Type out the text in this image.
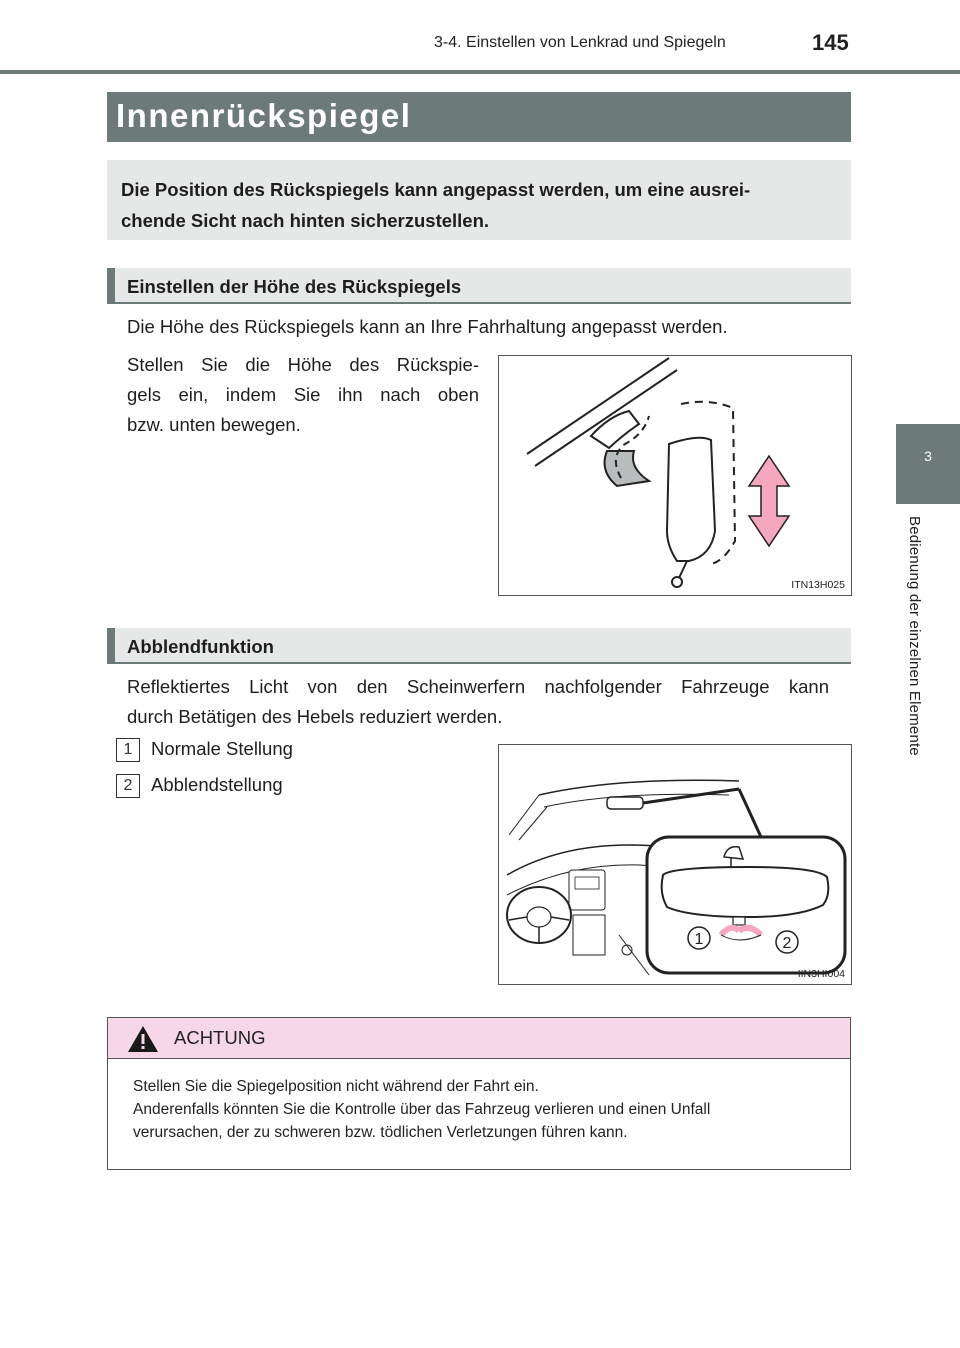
3-4. Einstellen von Lenkrad und Spiegeln	145
3
Bedienung der einzelnen Elemente
Innenrückspiegel
Die Position des Rückspiegels kann angepasst werden, um eine ausrei-
chende Sicht nach hinten sicherzustellen.
Einstellen der Höhe des Rückspiegels
Die Höhe des Rückspiegels kann an Ihre Fahrhaltung angepasst werden.
Stellen Sie die Höhe des Rückspie-
gels ein, indem Sie ihn nach oben
bzw. unten bewegen.
ITN13H025
Abblendfunktion
Reflektiertes Licht von den Scheinwerfern nachfolgender Fahrzeuge kann
durch Betätigen des Hebels reduziert werden.
1	Normale Stellung
2	Abblendstellung
1	2
IIN3HI004
ACHTUNG
Stellen Sie die Spiegelposition nicht während der Fahrt ein.
Anderenfalls könnten Sie die Kontrolle über das Fahrzeug verlieren und einen Unfall
verursachen, der zu schweren bzw. tödlichen Verletzungen führen kann.
